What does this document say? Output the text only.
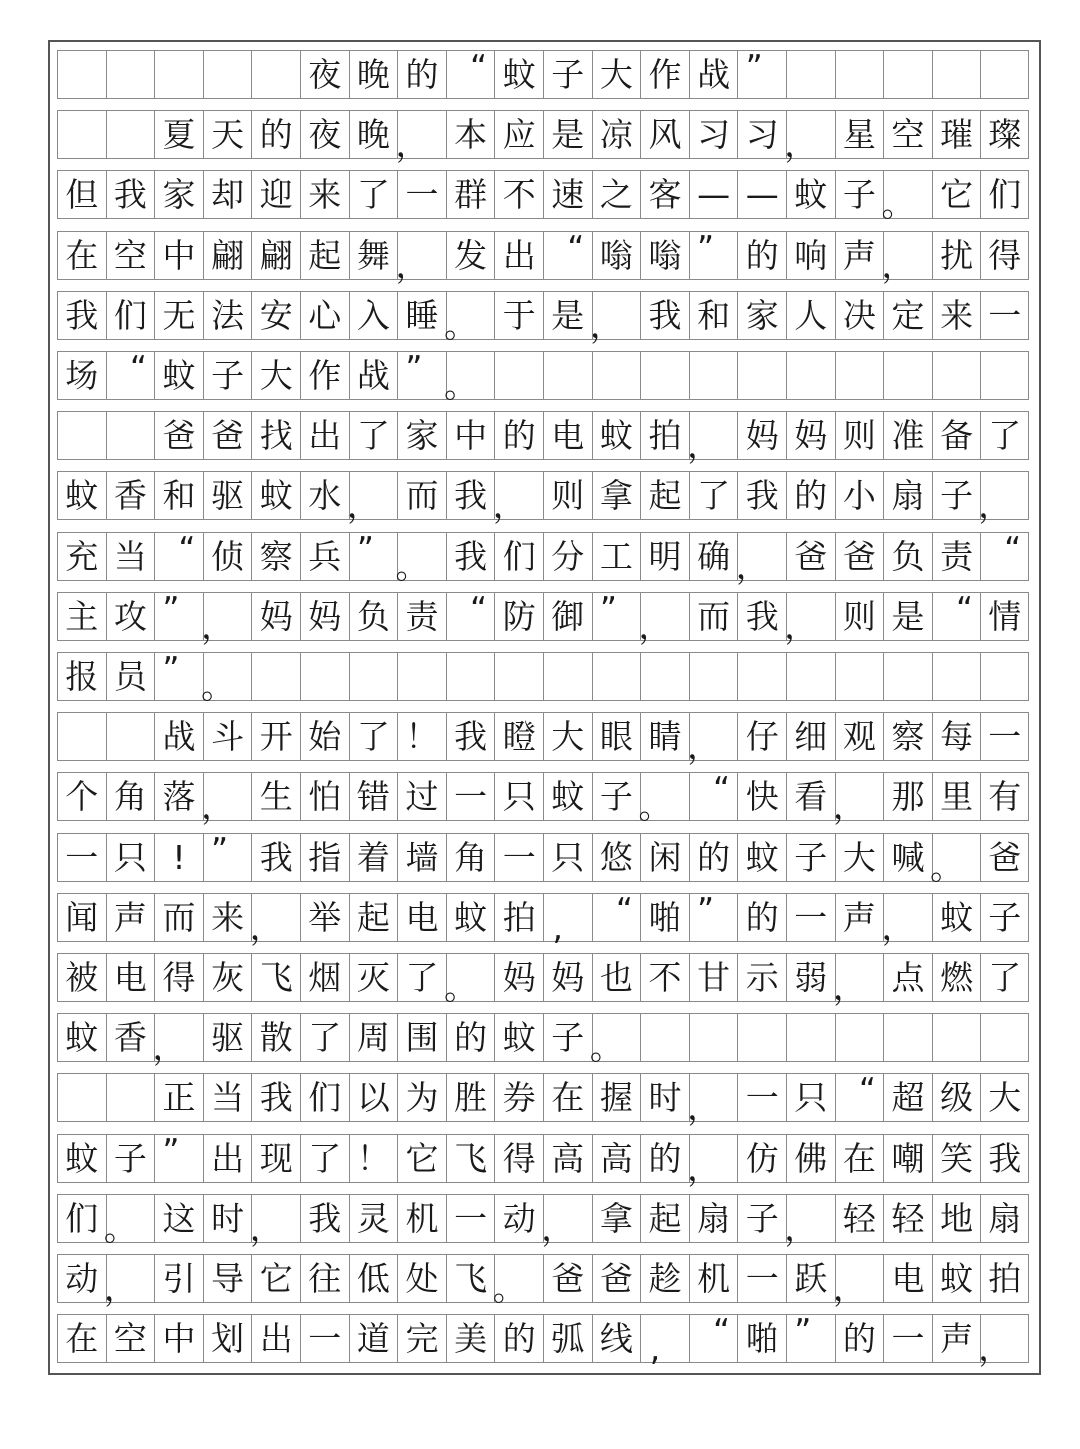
夜 晚 的 “ 蚊 子 大 作 战 ”
夏 天 的 夜 晚 ， 本 应 是 凉 风 习 习 ， 星 空 璀 璨
但 我 家 却 迎 来 了 一 群 不 速 之 客 — — 蚊 子 。 它 们
在 空 中 翩 翩 起 舞 ， 发 出 “ 嗡 嗡 ” 的 响 声 ， 扰 得
我 们 无 法 安 心 入 睡 。 于 是 ， 我 和 家 人 决 定 来 一
场 “ 蚊 子 大 作 战 ” 。
爸 爸 找 出 了 家 中 的 电 蚊 拍 ， 妈 妈 则 准 备 了
蚊 香 和 驱 蚊 水 ， 而 我 ， 则 拿 起 了 我 的 小 扇 子 ，
充 当 “ 侦 察 兵 ” 。 我 们 分 工 明 确 ， 爸 爸 负 责 “
主 攻 ” ， 妈 妈 负 责 “ 防 御 ” ， 而 我 ， 则 是 “ 情
报 员 ” 。
战 斗 开 始 了 ！ 我 瞪 大 眼 睛 ， 仔 细 观 察 每 一
个 角 落 ， 生 怕 错 过 一 只 蚊 子 。 “ 快 看 ， 那 里 有
一 只 ! ” 我 指 着 墙 角 一 只 悠 闲 的 蚊 子 大 喊 。 爸
闻 声 而 来 ， 举 起 电 蚊 拍 , “ 啪 ” 的 一 声 ， 蚊 子
被 电 得 灰 飞 烟 灭 了 。 妈 妈 也 不 甘 示 弱 ， 点 燃 了
蚊 香 ， 驱 散 了 周 围 的 蚊 子 。
正 当 我 们 以 为 胜 券 在 握 时 ， 一 只 “ 超 级 大
蚊 子 ” 出 现 了 ！ 它 飞 得 高 高 的 ， 仿 佛 在 嘲 笑 我
们 。 这 时 ， 我 灵 机 一 动 ， 拿 起 扇 子 ， 轻 轻 地 扇
动 ， 引 导 它 往 低 处 飞 。 爸 爸 趁 机 一 跃 ， 电 蚊 拍
在 空 中 划 出 一 道 完 美 的 弧 线 , “ 啪 ” 的 一 声 ，
